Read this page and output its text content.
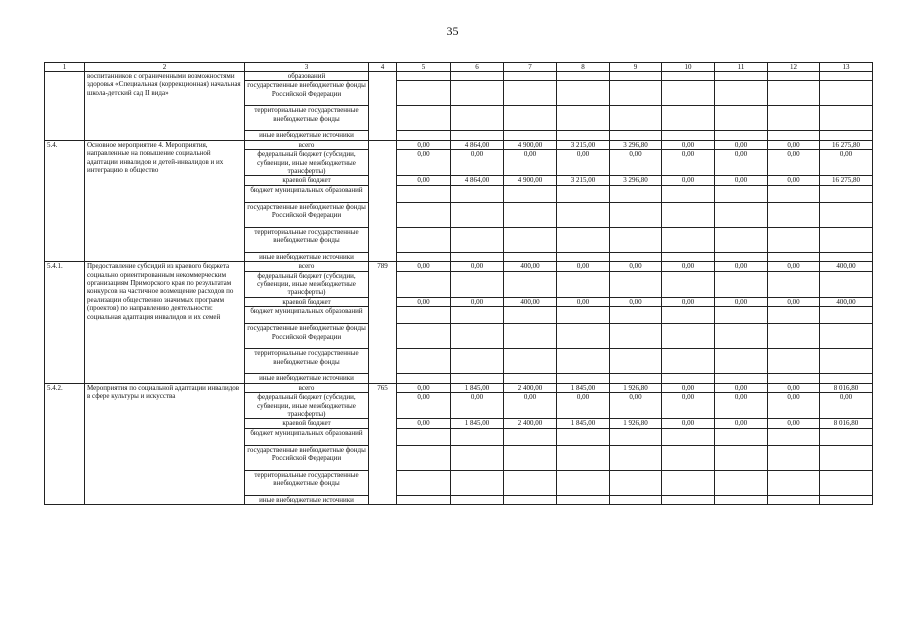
35
1	2	3	4	5	6	7	8	9	10	11	12	13
	воспитанников с ограниченными возможностями здоровья «Специальная (коррекционная) начальная школа-детский сад II вида»	образований										
		государственные внебюджетные фонды Российской Федерации										
		территориальные государственные внебюджетные фонды										
		иные внебюджетные источники										
5.4.	Основное мероприятие 4. Мероприятия, направленные на повышение социальной адаптации инвалидов и детей-инвалидов и их интеграцию в общество	всего		0,00	4 864,00	4 900,00	3 215,00	3 296,80	0,00	0,00	0,00	16 275,80
		федеральный бюджет (субсидии, субвенции, иные межбюджетные трансферты)		0,00	0,00	0,00	0,00	0,00	0,00	0,00	0,00	0,00
		краевой бюджет		0,00	4 864,00	4 900,00	3 215,00	3 296,80	0,00	0,00	0,00	16 275,80
		бюджет муниципальных образований										
		государственные внебюджетные фонды Российской Федерации										
		территориальные государственные внебюджетные фонды										
		иные внебюджетные источники										
5.4.1.	Предоставление субсидий из краевого бюджета социально ориентированным некоммерческим организациям Приморского края по результатам конкурсов на частичное возмещение расходов по реализации общественно значимых программ (проектов) по направлению деятельности: социальная адаптация инвалидов и их семей	всего	789	0,00	0,00	400,00	0,00	0,00	0,00	0,00	0,00	400,00
		федеральный бюджет (субсидии, субвенции, иные межбюджетные трансферты)										
		краевой бюджет		0,00	0,00	400,00	0,00	0,00	0,00	0,00	0,00	400,00
		бюджет муниципальных образований										
		государственные внебюджетные фонды Российской Федерации										
		территориальные государственные внебюджетные фонды										
		иные внебюджетные источники										
5.4.2.	Мероприятия по социальной адаптации инвалидов в сфере культуры и искусства	всего	765	0,00	1 845,00	2 400,00	1 845,00	1 926,80	0,00	0,00	0,00	8 016,80
		федеральный бюджет (субсидии, субвенции, иные межбюджетные трансферты)		0,00	0,00	0,00	0,00	0,00	0,00	0,00	0,00	0,00
		краевой бюджет		0,00	1 845,00	2 400,00	1 845,00	1 926,80	0,00	0,00	0,00	8 016,80
		бюджет муниципальных образований										
		государственные внебюджетные фонды Российской Федерации										
		территориальные государственные внебюджетные фонды										
		иные внебюджетные источники										
